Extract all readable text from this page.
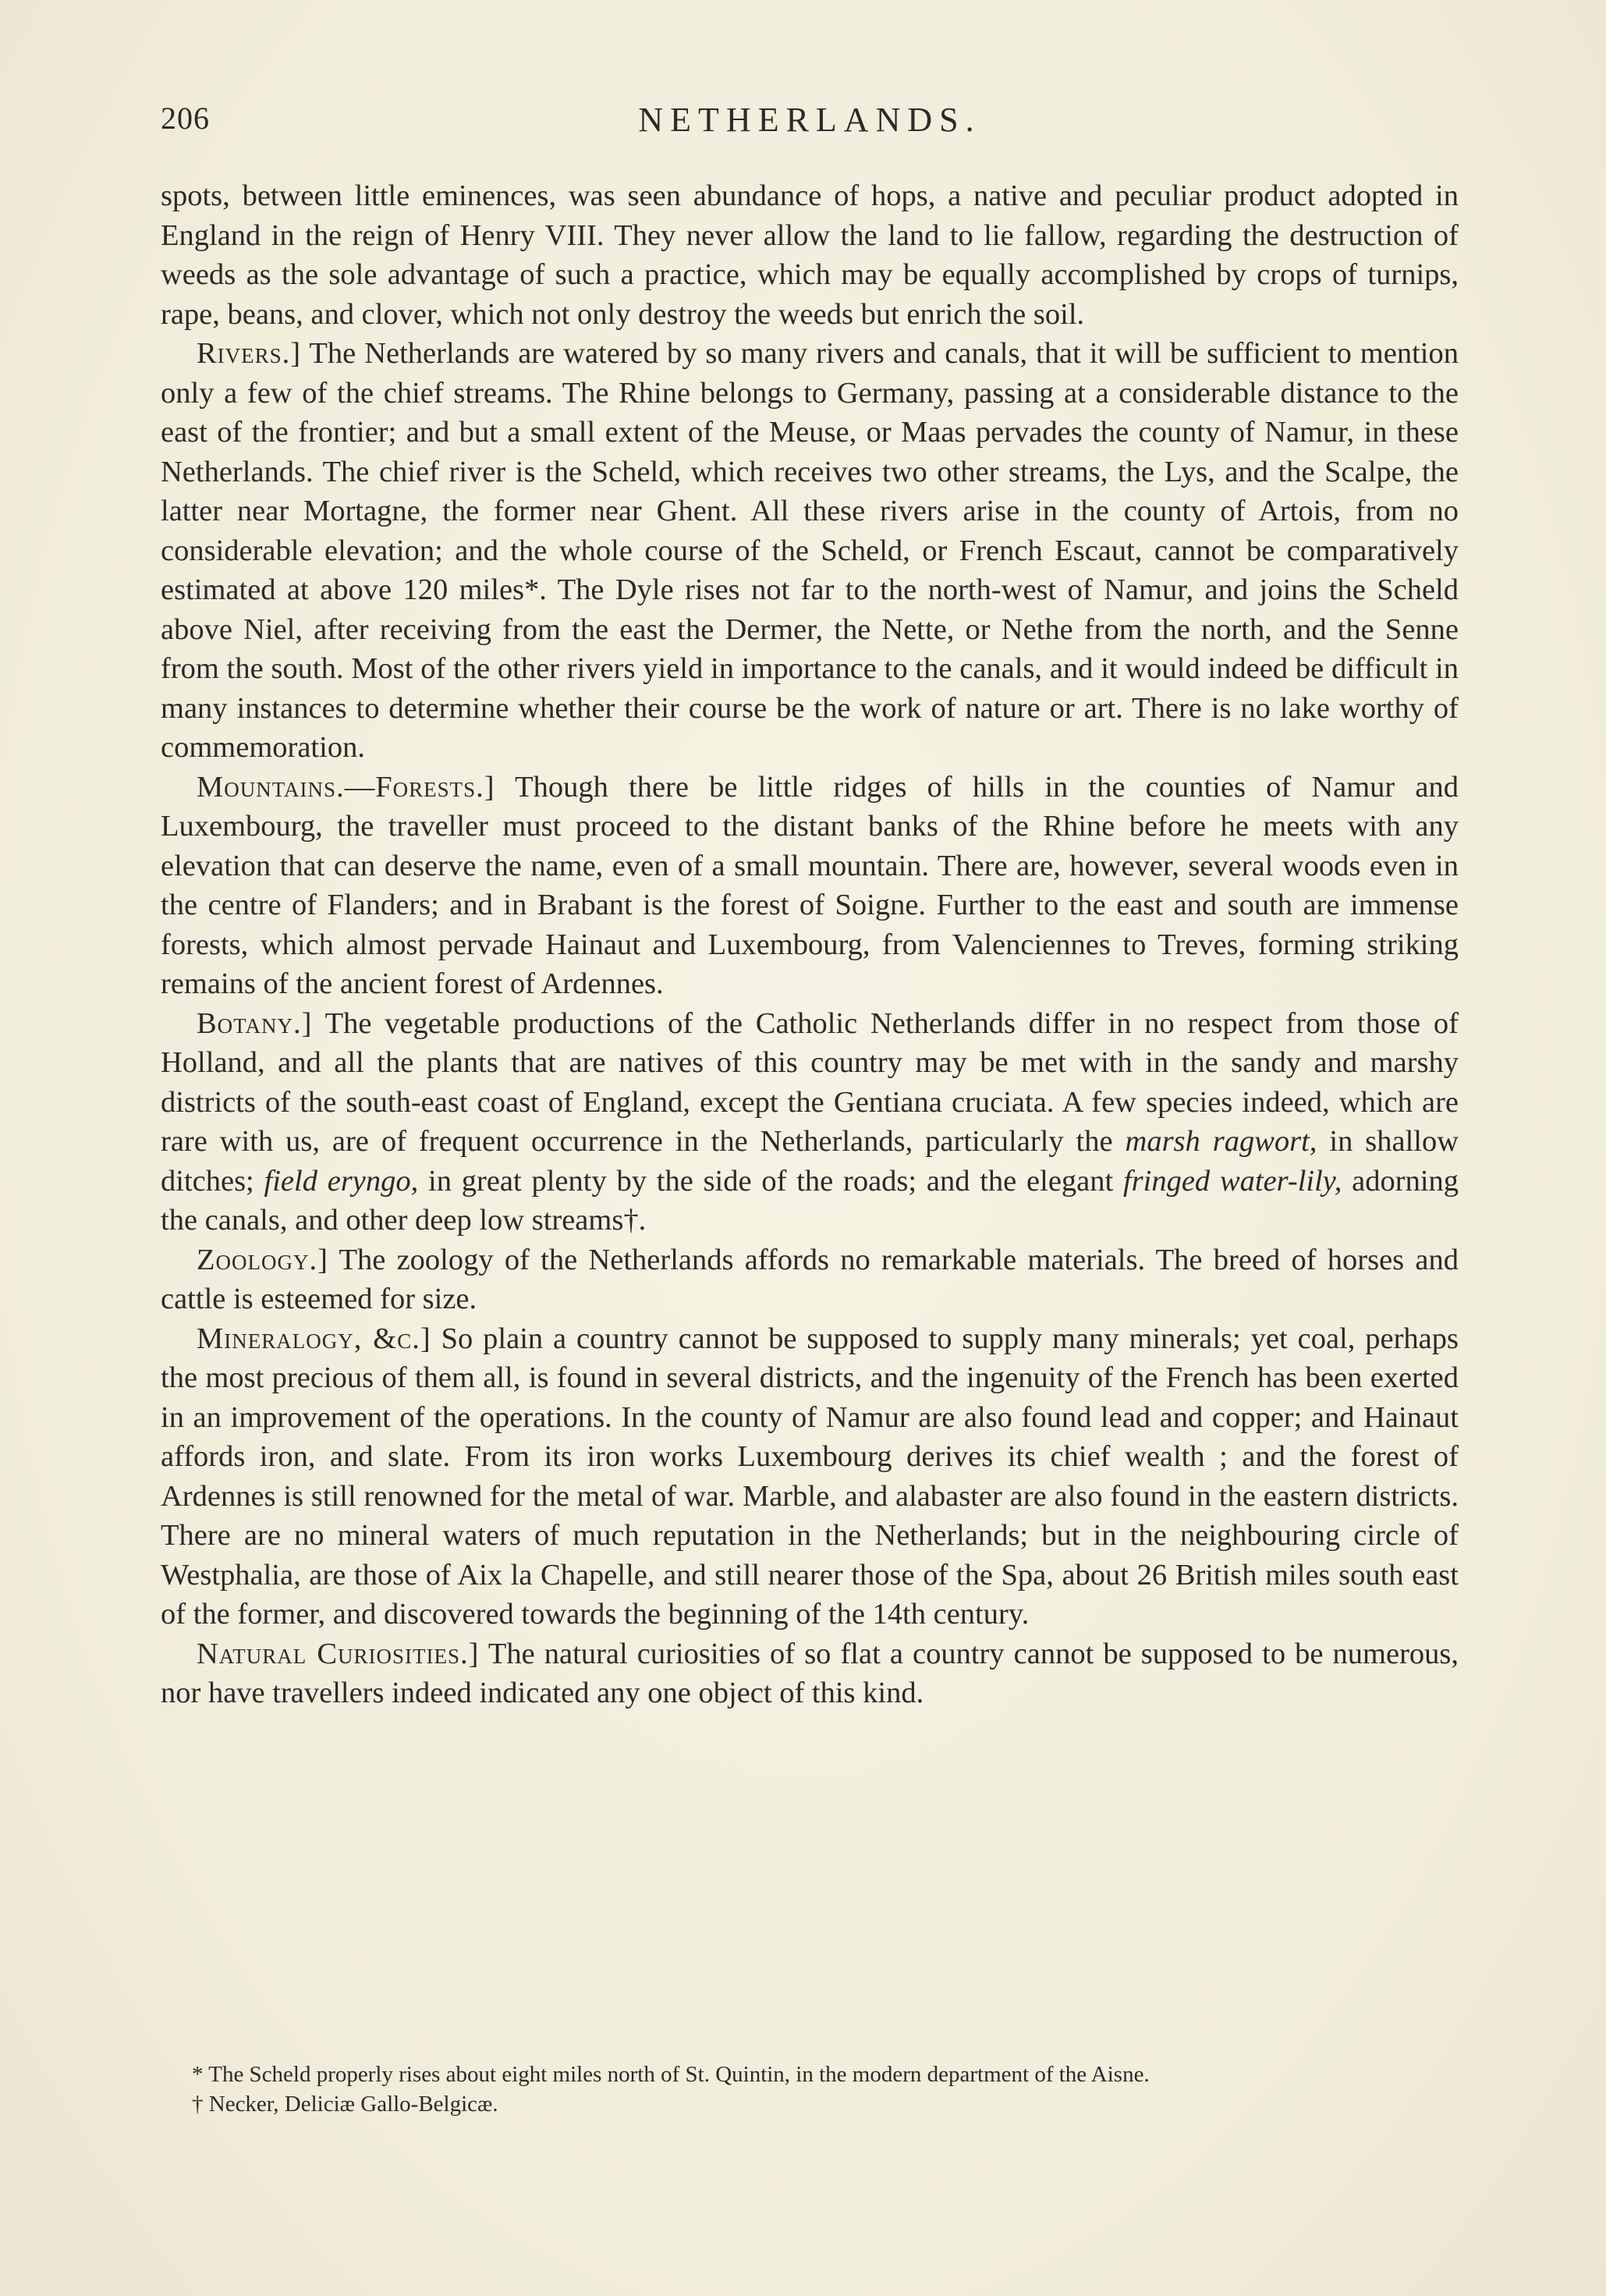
206	NETHERLANDS.

spots, between little eminences, was seen abundance of hops, a native and peculiar product adopted in England in the reign of Henry VIII. They never allow the land to lie fallow, regarding the destruction of weeds as the sole advantage of such a practice, which may be equally accomplished by crops of turnips, rape, beans, and clover, which not only destroy the weeds but enrich the soil.

Rivers.] The Netherlands are watered by so many rivers and canals, that it will be sufficient to mention only a few of the chief streams. The Rhine belongs to Germany, passing at a considerable distance to the east of the frontier; and but a small extent of the Meuse, or Maas pervades the county of Namur, in these Netherlands. The chief river is the Scheld, which receives two other streams, the Lys, and the Scalpe, the latter near Mortagne, the former near Ghent. All these rivers arise in the county of Artois, from no considerable elevation; and the whole course of the Scheld, or French Escaut, cannot be comparatively estimated at above 120 miles*. The Dyle rises not far to the north-west of Namur, and joins the Scheld above Niel, after receiving from the east the Dermer, the Nette, or Nethe from the north, and the Senne from the south. Most of the other rivers yield in importance to the canals, and it would indeed be difficult in many instances to determine whether their course be the work of nature or art. There is no lake worthy of commemoration.

Mountains.—Forests.] Though there be little ridges of hills in the counties of Namur and Luxembourg, the traveller must proceed to the distant banks of the Rhine before he meets with any elevation that can deserve the name, even of a small mountain. There are, however, several woods even in the centre of Flanders; and in Brabant is the forest of Soigne. Further to the east and south are immense forests, which almost pervade Hainaut and Luxembourg, from Valenciennes to Treves, forming striking remains of the ancient forest of Ardennes.

Botany.] The vegetable productions of the Catholic Netherlands differ in no respect from those of Holland, and all the plants that are natives of this country may be met with in the sandy and marshy districts of the south-east coast of England, except the Gentiana cruciata. A few species indeed, which are rare with us, are of frequent occurrence in the Netherlands, particularly the marsh ragwort, in shallow ditches; field eryngo, in great plenty by the side of the roads; and the elegant fringed water-lily, adorning the canals, and other deep low streams†.

Zoology.] The zoology of the Netherlands affords no remarkable materials. The breed of horses and cattle is esteemed for size.

Mineralogy, &c.] So plain a country cannot be supposed to supply many minerals; yet coal, perhaps the most precious of them all, is found in several districts, and the ingenuity of the French has been exerted in an improvement of the operations. In the county of Namur are also found lead and copper; and Hainaut affords iron, and slate. From its iron works Luxembourg derives its chief wealth ; and the forest of Ardennes is still renowned for the metal of war. Marble, and alabaster are also found in the eastern districts. There are no mineral waters of much reputation in the Netherlands; but in the neighbouring circle of Westphalia, are those of Aix la Chapelle, and still nearer those of the Spa, about 26 British miles south east of the former, and discovered towards the beginning of the 14th century.

Natural Curiosities.] The natural curiosities of so flat a country cannot be supposed to be numerous, nor have travellers indeed indicated any one object of this kind.

* The Scheld properly rises about eight miles north of St. Quintin, in the modern department of the Aisne.

† Necker, Deliciæ Gallo-Belgicæ.
